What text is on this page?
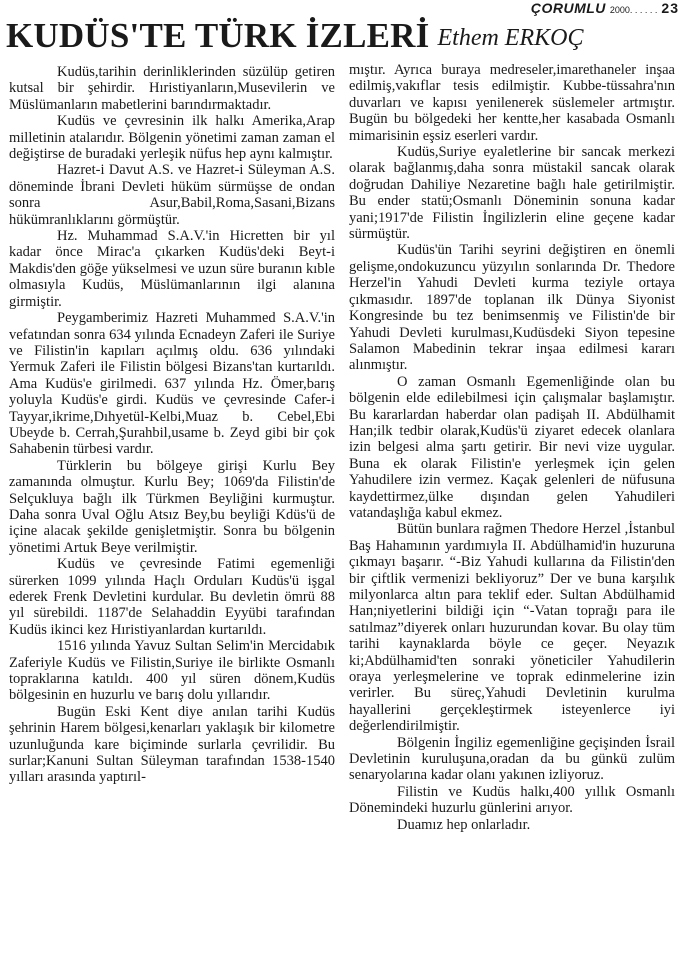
ÇORUMLU 2000. . . . . . 23
KUDÜS'TE TÜRK İZLERİ Ethem ERKOÇ

Kudüs,tarihin derinliklerinden süzülüp getiren kutsal bir şehirdir. Hıristiyanların,Musevilerin ve Müslümanların mabetlerini barındırmaktadır.

Kudüs ve çevresinin ilk halkı Amerika,Arap milletinin atalarıdır. Bölgenin yönetimi zaman zaman el değiştirse de buradaki yerleşik nüfus hep aynı kalmıştır.

Hazret-i Davut A.S. ve Hazret-i Süleyman A.S. döneminde İbrani Devleti hüküm sürmüşse de ondan sonra Asur,Babil,Roma,Sasani,Bizans hükümranlıklarını görmüştür.

Hz. Muhammad S.A.V.'in Hicretten bir yıl kadar önce Mirac'a çıkarken Kudüs'deki Beyt-i Makdis'den göğe yükselmesi ve uzun süre buranın kıble olmasıyla Kudüs, Müslümanlarının ilgi alanına girmiştir.

Peygamberimiz Hazreti Muhammed S.A.V.'in vefatından sonra 634 yılında Ecnadeyn Zaferi ile Suriye ve Filistin'in kapıları açılmış oldu. 636 yılındaki Yermuk Zaferi ile Filistin bölgesi Bizans'tan kurtarıldı. Ama Kudüs'e girilmedi. 637 yılında Hz. Ömer,barış yoluyla Kudüs'e girdi. Kudüs ve çevresinde Cafer-i Tayyar,ikrime,Dıhyetül-Kelbi,Muaz b. Cebel,Ebi Ubeyde b. Cerrah,Şurahbil,usame b. Zeyd gibi bir çok Sahabenin türbesi vardır.

Türklerin bu bölgeye girişi Kurlu Bey zamanında olmuştur. Kurlu Bey; 1069'da Filistin'de Selçukluya bağlı ilk Türkmen Beyliğini kurmuştur. Daha sonra Uval Oğlu Atsız Bey,bu beyliği Kdüs'ü de içine alacak şekilde genişletmiştir. Sonra bu bölgenin yönetimi Artuk Beye verilmiştir.

Kudüs ve çevresinde Fatimi egemenliği sürerken 1099 yılında Haçlı Orduları Kudüs'ü işgal ederek Frenk Devletini kurdular. Bu devletin ömrü 88 yıl sürebildi. 1187'de Selahaddin Eyyübi tarafından Kudüs ikinci kez Hıristiyanlardan kurtarıldı.

1516 yılında Yavuz Sultan Selim'in Mercidabık Zaferiyle Kudüs ve Filistin,Suriye ile birlikte Osmanlı topraklarına katıldı. 400 yıl süren dönem,Kudüs bölgesinin en huzurlu ve barış dolu yıllarıdır.

Bugün Eski Kent diye anılan tarihi Kudüs şehrinin Harem bölgesi,kenarları yaklaşık bir kilometre uzunluğunda kare biçiminde surlarla çevrilidir. Bu surlar;Kanuni Sultan Süleyman tarafından 1538-1540 yılları arasında yaptırıl-

mıştır. Ayrıca buraya medreseler,imarethaneler inşaa edilmiş,vakıflar tesis edilmiştir. Kubbe-tüssahra'nın duvarları ve kapısı yenilenerek süslemeler artmıştır. Bugün bu bölgedeki her kentte,her kasabada Osmanlı mimarisinin eşsiz eserleri vardır.

Kudüs,Suriye eyaletlerine bir sancak merkezi olarak bağlanmış,daha sonra müstakil sancak olarak doğrudan Dahiliye Nezaretine bağlı hale getirilmiştir. Bu ender statü;Osmanlı Döneminin sonuna kadar yani;1917'de Filistin İngilizlerin eline geçene kadar sürmüştür.

Kudüs'ün Tarihi seyrini değiştiren en önemli gelişme,ondokuzuncu yüzyılın sonlarında Dr. Thedore Herzel'in Yahudi Devleti kurma teziyle ortaya çıkmasıdır. 1897'de toplanan ilk Dünya Siyonist Kongresinde bu tez benimsenmiş ve Filistin'de bir Yahudi Devleti kurulması,Kudüsdeki Siyon tepesine Salamon Mabedinin tekrar inşaa edilmesi kararı alınmıştır.

O zaman Osmanlı Egemenliğinde olan bu bölgenin elde edilebilmesi için çalışmalar başlamıştır. Bu kararlardan haberdar olan padişah II. Abdülhamit Han;ilk tedbir olarak,Kudüs'ü ziyaret edecek olanlara izin belgesi alma şartı getirir. Bir nevi vize uygular. Buna ek olarak Filistin'e yerleşmek için gelen Yahudilere izin vermez. Kaçak gelenleri de nüfusuna kaydettirmez,ülke dışından gelen Yahudileri vatandaşlığa kabul ekmez.

Bütün bunlara rağmen Thedore Herzel ,İstanbul Baş Hahamının yardımıyla II. Abdülhamid'in huzuruna çıkmayı başarır. “-Biz Yahudi kullarına da Filistin'den bir çiftlik vermenizi bekliyoruz” Der ve buna karşılık milyonlarca altın para teklif eder. Sultan Abdülhamid Han;niyetlerini bildiği için “-Vatan toprağı para ile satılmaz”diyerek onları huzurundan kovar. Bu olay tüm tarihi kaynaklarda böyle ce geçer. Neyazık ki;Abdülhamid'ten sonraki yöneticiler Yahudilerin oraya yerleşmelerine ve toprak edinmelerine izin verirler. Bu süreç,Yahudi Devletinin kurulma hayallerini gerçekleştirmek isteyenlerce iyi değerlendirilmiştir.

Bölgenin İngiliz egemenliğine geçişinden İsrail Devletinin kuruluşuna,oradan da bu günkü zulüm senaryolarına kadar olanı yakınen izliyoruz.

Filistin ve Kudüs halkı,400 yıllık Osmanlı Dönemindeki huzurlu günlerini arıyor.

Duamız hep onlarladır.
